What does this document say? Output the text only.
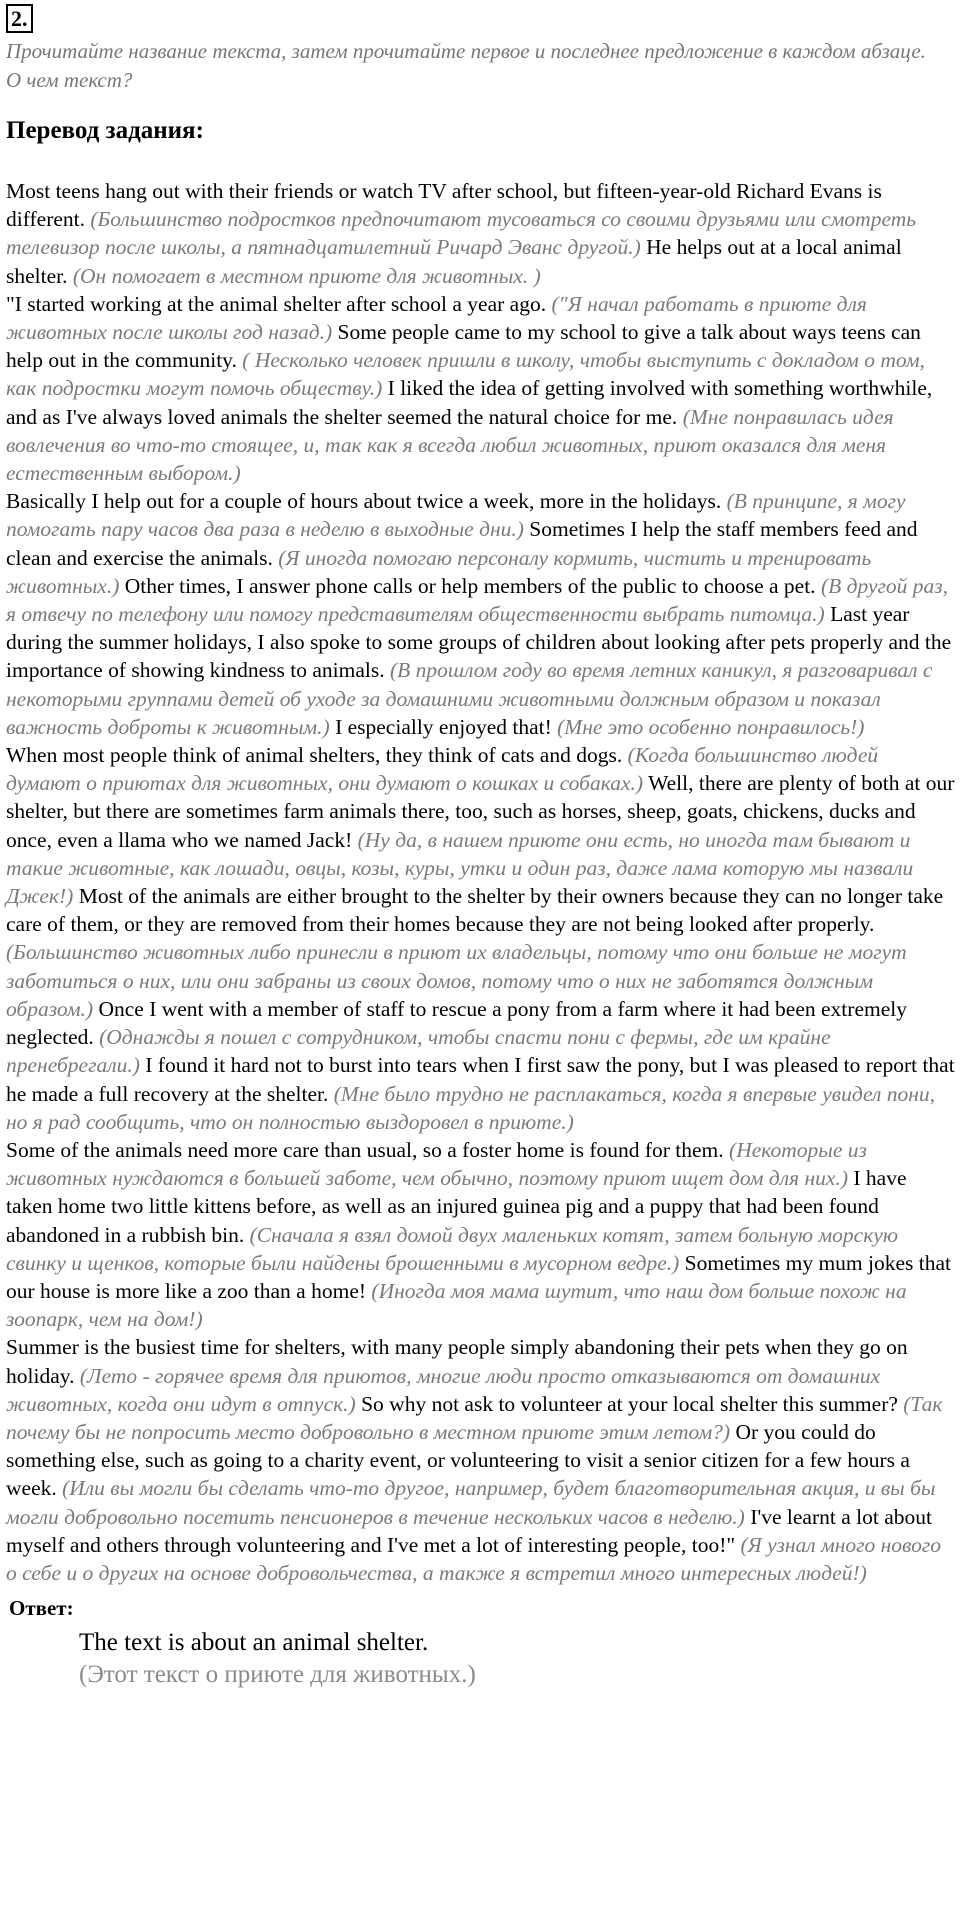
2.
Прочитайте название текста, затем прочитайте первое и последнее предложение в каждом абзаце. О чем текст?
Перевод задания:

Most teens hang out with their friends or watch TV after school, but fifteen-year-old Richard Evans is different. (Большинство подростков предпочитают тусоваться со своими друзьями или смотреть телевизор после школы, а пятнадцатилетний Ричард Эванс другой.) He helps out at a local animal shelter. (Он помогает в местном приюте для животных. )

"I started working at the animal shelter after school a year ago. ("Я начал работать в приюте для животных после школы год назад.) Some people came to my school to give a talk about ways teens can help out in the community. ( Несколько человек пришли в школу, чтобы выступить с докладом о том, как подростки могут помочь обществу.) I liked the idea of getting involved with something worthwhile, and as I've always loved animals the shelter seemed the natural choice for me. (Мне понравилась идея вовлечения во что-то стоящее, и, так как я всегда любил животных, приют оказался для меня естественным выбором.)

Basically I help out for a couple of hours about twice a week, more in the holidays. (В принципе, я могу помогать пару часов два раза в неделю в выходные дни.) Sometimes I help the staff members feed and clean and exercise the animals. (Я иногда помогаю персоналу кормить, чистить и тренировать животных.) Other times, I answer phone calls or help members of the public to choose a pet. (В другой раз, я отвечу по телефону или помогу представителям общественности выбрать питомца.) Last year during the summer holidays, I also spoke to some groups of children about looking after pets properly and the importance of showing kindness to animals. (В прошлом году во время летних каникул, я разговаривал с некоторыми группами детей об уходе за домашними животными должным образом и показал важность доброты к животным.) I especially enjoyed that! (Мне это особенно понравилось!)

When most people think of animal shelters, they think of cats and dogs. (Когда большинство людей думают о приютах для животных, они думают о кошках и собаках.) Well, there are plenty of both at our shelter, but there are sometimes farm animals there, too, such as horses, sheep, goats, chickens, ducks and once, even a llama who we named Jack! (Ну да, в нашем приюте они есть, но иногда там бывают и такие животные, как лошади, овцы, козы, куры, утки и один раз, даже лама которую мы назвали Джек!) Most of the animals are either brought to the shelter by their owners because they can no longer take care of them, or they are removed from their homes because they are not being looked after properly. (Большинство животных либо принесли в приют их владельцы, потому что они больше не могут заботиться о них, или они забраны из своих домов, потому что о них не заботятся должным образом.) Once I went with a member of staff to rescue a pony from a farm where it had been extremely neglected. (Однажды я пошел с сотрудником, чтобы спасти пони с фермы, где им крайне пренебрегали.) I found it hard not to burst into tears when I first saw the pony, but I was pleased to report that he made a full recovery at the shelter. (Мне было трудно не расплакаться, когда я впервые увидел пони, но я рад сообщить, что он полностью выздоровел в приюте.)

Some of the animals need more care than usual, so a foster home is found for them. (Некоторые из животных нуждаются в большей заботе, чем обычно, поэтому приют ищет дом для них.) I have taken home two little kittens before, as well as an injured guinea pig and a puppy that had been found abandoned in a rubbish bin. (Сначала я взял домой двух маленьких котят, затем больную морскую свинку и щенков, которые были найдены брошенными в мусорном ведре.) Sometimes my mum jokes that our house is more like a zoo than a home! (Иногда моя мама шутит, что наш дом больше похож на зоопарк, чем на дом!)

Summer is the busiest time for shelters, with many people simply abandoning their pets when they go on holiday. (Лето - горячее время для приютов, многие люди просто отказываются от домашних животных, когда они идут в отпуск.) So why not ask to volunteer at your local shelter this summer? (Так почему бы не попросить место добровольно в местном приюте этим летом?) Or you could do something else, such as going to a charity event, or volunteering to visit a senior citizen for a few hours a week. (Или вы могли бы сделать что-то другое, например, будет благотворительная акция, и вы бы могли добровольно посетить пенсионеров в течение нескольких часов в неделю.) I've learnt a lot about myself and others through volunteering and I've met a lot of interesting people, too!" (Я узнал много нового о себе и о других на основе добровольчества, а также я встретил много интересных людей!)

Ответ:
The text is about an animal shelter.
(Этот текст о приюте для животных.)
